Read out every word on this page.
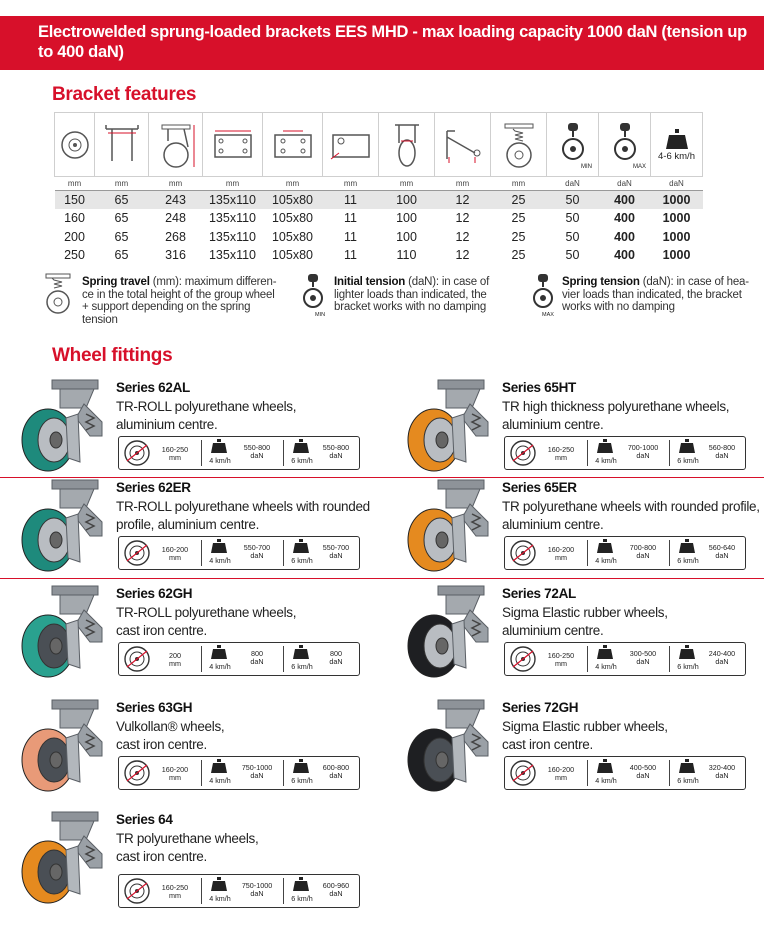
Electrowelded sprung-loaded brackets EES MHD - max loading capacity 1000 daN (tension up to 400 daN)
Bracket features

MIN	MAX	4-6 km/h

mm	mm	mm	mm	mm	mm	mm	mm	mm	daN	daN	daN
150	65	243	135x110	105x80	11	100	12	25	50	400	1000
160	65	248	135x110	105x80	11	100	12	25	50	400	1000
200	65	268	135x110	105x80	11	100	12	25	50	400	1000
250	65	316	135x110	105x80	11	110	12	25	50	400	1000
Spring travel (mm): maximum differen-
ce in the total height of the group wheel
+ support depending on the spring
tension	MIN
Initial tension (daN): in case of
lighter loads than indicated, the
bracket works with no damping
MAX
Spring tension (daN): in case of hea-
vier loads than indicated, the bracket
works with no damping
Wheel fittings
Series 62AL
TR-ROLL polyurethane wheels,
aluminium centre.
160-250
mm	4 km/h
550-800
daN
6 km/h
550-800
daN
Series 65HT
TR high thickness polyurethane wheels,
aluminium centre.
160-250
mm	4 km/h
700-1000
daN
6 km/h
560-800
daN
Series 62ER
TR-ROLL polyurethane wheels with rounded
profile, aluminium centre.
160-200
mm	4 km/h
550-700
daN
6 km/h
550-700
daN
Series 65ER
TR polyurethane wheels with rounded profile,
aluminium centre.
160-200
mm	4 km/h
700-800
daN
6 km/h
560-640
daN
Series 62GH
TR-ROLL polyurethane wheels,
cast iron centre.
200
mm	4 km/h
800
daN
6 km/h
800
daN
Series 72AL
Sigma Elastic rubber wheels,
aluminium centre.
160-250
mm	4 km/h
300-500
daN
6 km/h
240-400
daN
Series 63GH
Vulkollan® wheels,
cast iron centre.
160-200
mm	4 km/h
750-1000
daN
6 km/h
600-800
daN
Series 72GH
Sigma Elastic rubber wheels,
cast iron centre.
160-200
mm	4 km/h
400-500
daN
6 km/h
320-400
daN
Series 64
TR polyurethane wheels,
cast iron centre.
160-250
mm	4 km/h
750-1000
daN
6 km/h
600-960
daN
